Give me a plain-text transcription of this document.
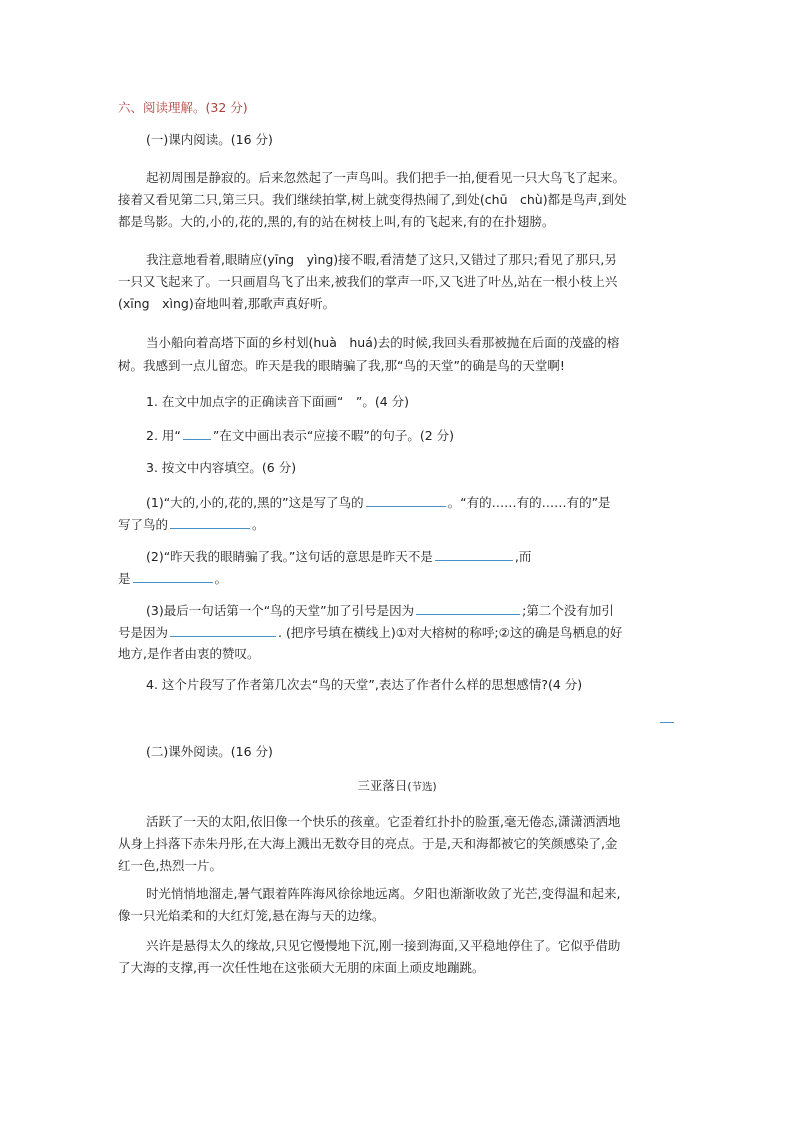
六、阅读理解。(32 分)
(一)课内阅读。(16 分)
起初周围是静寂的。后来忽然起了一声鸟叫。我们把手一拍,便看见一只大鸟飞了起来。
接着又看见第二只,第三只。我们继续拍掌,树上就变得热闹了,到处(chū　chù)都是鸟声,到处
都是鸟影。大的,小的,花的,黑的,有的站在树枝上叫,有的飞起来,有的在扑翅膀。
我注意地看着,眼睛应(yīng　yìng)接不暇,看清楚了这只,又错过了那只;看见了那只,另
一只又飞起来了。一只画眉鸟飞了出来,被我们的掌声一吓,又飞进了叶丛,站在一根小枝上兴
(xīng　xìng)奋地叫着,那歌声真好听。
当小船向着高塔下面的乡村划(huà　huá)去的时候,我回头看那被抛在后面的茂盛的榕
树。我感到一点儿留恋。昨天是我的眼睛骗了我,那“鸟的天堂”的确是鸟的天堂啊!
1. 在文中加点字的正确读音下面画“　”。(4 分)
2. 用“	”在文中画出表示“应接不暇”的句子。(2 分)
3. 按文中内容填空。(6 分)
(1)“大的,小的,花的,黑的”这是写了鸟的	。“有的……有的……有的”是
写了鸟的	。
(2)“昨天我的眼睛骗了我。”这句话的意思是昨天不是	,而
是	。
(3)最后一句话第一个“鸟的天堂”加了引号是因为	;第二个没有加引
号是因为	. (把序号填在横线上)①对大榕树的称呼;②这的确是鸟栖息的好
地方,是作者由衷的赞叹。
4. 这个片段写了作者第几次去“鸟的天堂”,表达了作者什么样的思想感情?(4 分)
(二)课外阅读。(16 分)
三亚落日(节选)
活跃了一天的太阳,依旧像一个快乐的孩童。它歪着红扑扑的脸蛋,毫无倦态,潇潇洒洒地
从身上抖落下赤朱丹彤,在大海上溅出无数夺目的亮点。于是,天和海都被它的笑颜感染了,金
红一色,热烈一片。
时光悄悄地溜走,暑气跟着阵阵海风徐徐地远离。夕阳也渐渐收敛了光芒,变得温和起来,
像一只光焰柔和的大红灯笼,悬在海与天的边缘。
兴许是悬得太久的缘故,只见它慢慢地下沉,刚一接到海面,又平稳地停住了。它似乎借助
了大海的支撑,再一次任性地在这张硕大无朋的床面上顽皮地蹦跳。
